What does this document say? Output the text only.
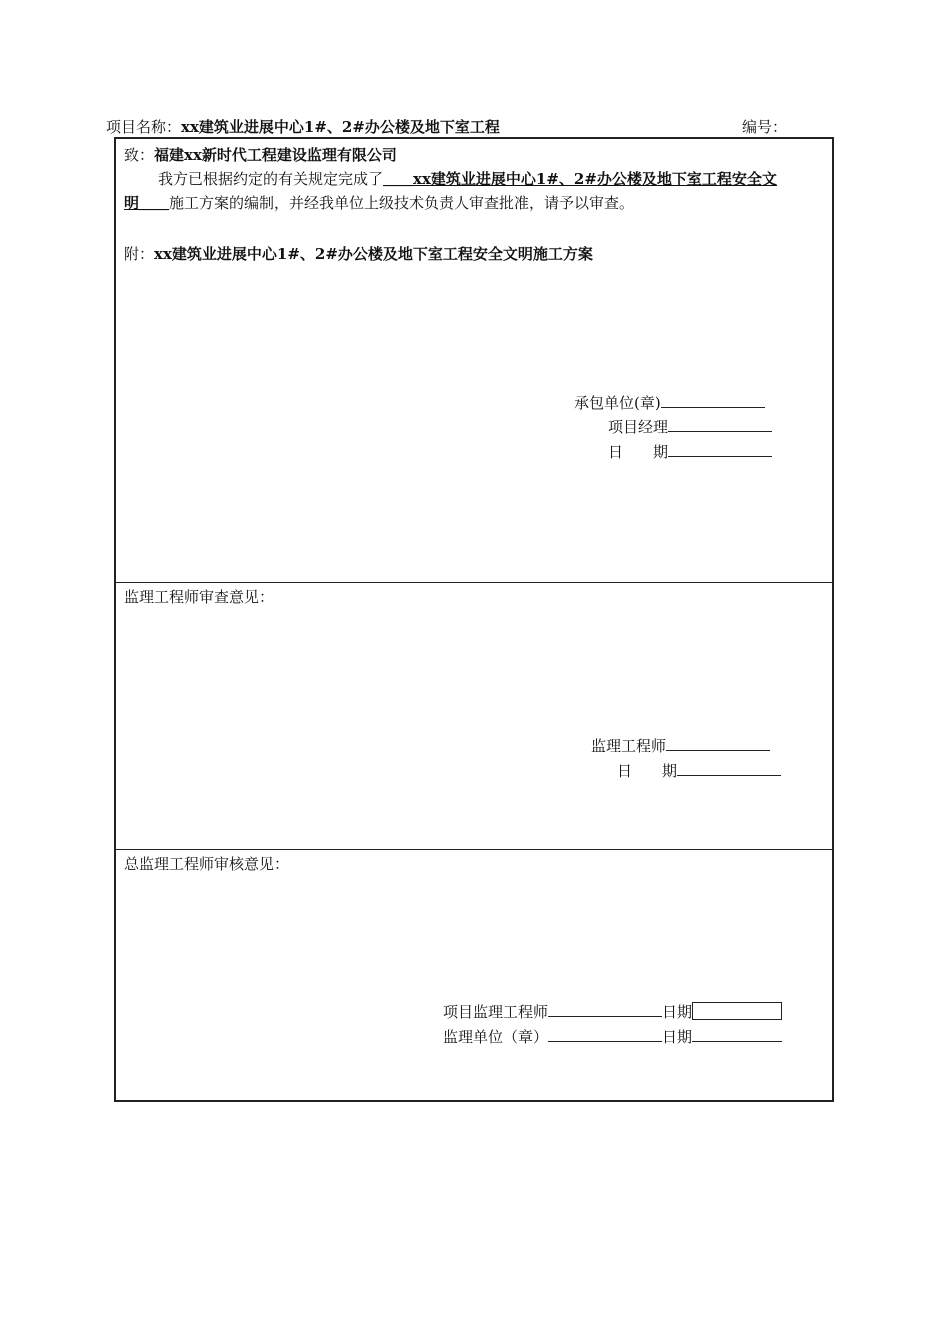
项目名称：xx建筑业进展中心1#、2#办公楼及地下室工程	编号：
致：福建xx新时代工程建设监理有限公司
我方已根据约定的有关规定完成了＿＿xx建筑业进展中心1#、2#办公楼及地下室工程安全文
明＿＿施工方案的编制，并经我单位上级技术负责人审查批准，请予以审查。
附：xx建筑业进展中心1#、2#办公楼及地下室工程安全文明施工方案
承包单位(章)
项目经理
日　　期
监理工程师审查意见：
监理工程师
日　　期
总监理工程师审核意见：
项目监理工程师	日期
监理单位（章）	日期
